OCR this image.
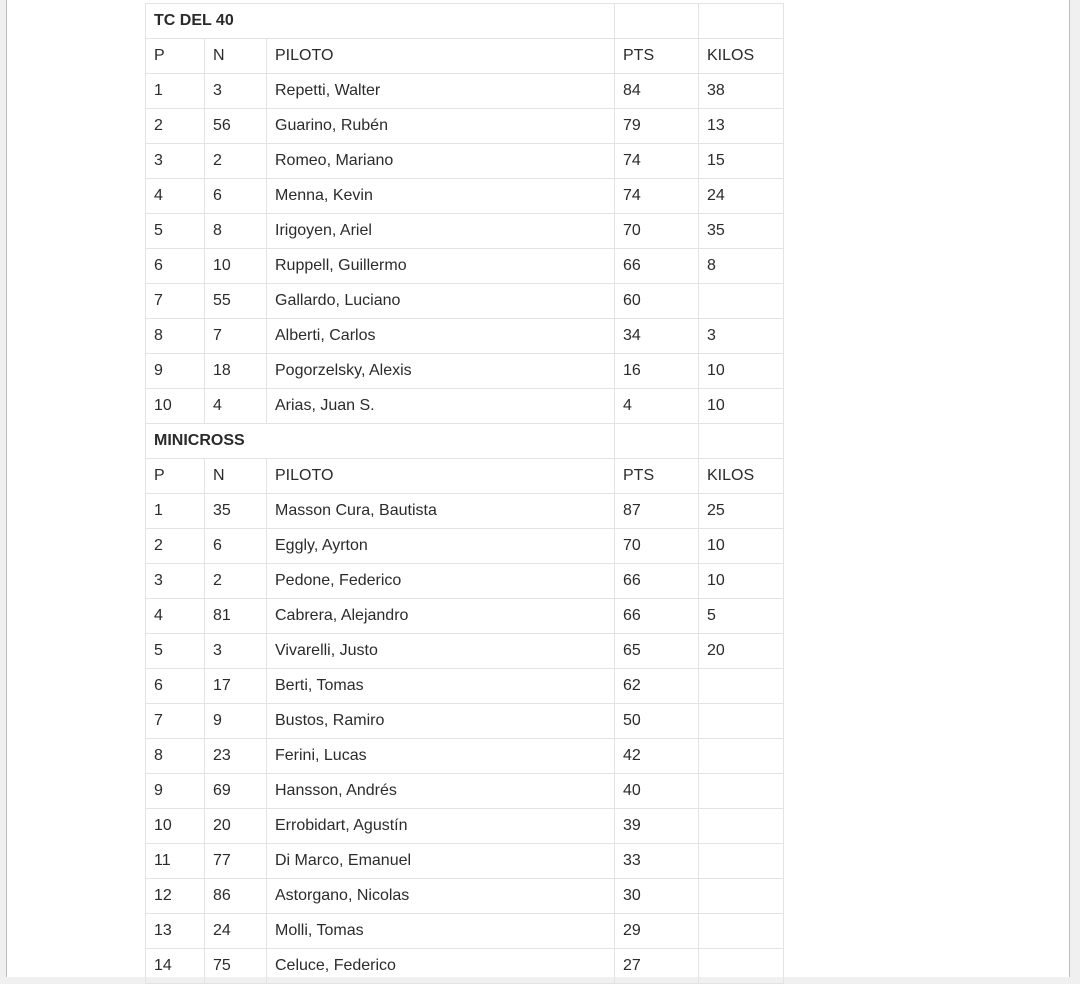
TC DEL 40				
P	N	PILOTO	PTS	KILOS
1	3	Repetti, Walter	84	38
2	56	Guarino, Rubén	79	13
3	2	Romeo, Mariano	74	15
4	6	Menna, Kevin	74	24
5	8	Irigoyen, Ariel	70	35
6	10	Ruppell, Guillermo	66	8
7	55	Gallardo, Luciano	60	
8	7	Alberti, Carlos	34	3
9	18	Pogorzelsky, Alexis	16	10
10	4	Arias, Juan S.	4	10
MINICROSS				
P	N	PILOTO	PTS	KILOS
1	35	Masson Cura, Bautista	87	25
2	6	Eggly, Ayrton	70	10
3	2	Pedone, Federico	66	10
4	81	Cabrera, Alejandro	66	5
5	3	Vivarelli, Justo	65	20
6	17	Berti, Tomas	62	
7	9	Bustos, Ramiro	50	
8	23	Ferini, Lucas	42	
9	69	Hansson, Andrés	40	
10	20	Errobidart, Agustín	39	
11	77	Di Marco, Emanuel	33	
12	86	Astorgano, Nicolas	30	
13	24	Molli, Tomas	29	
14	75	Celuce, Federico	27	
